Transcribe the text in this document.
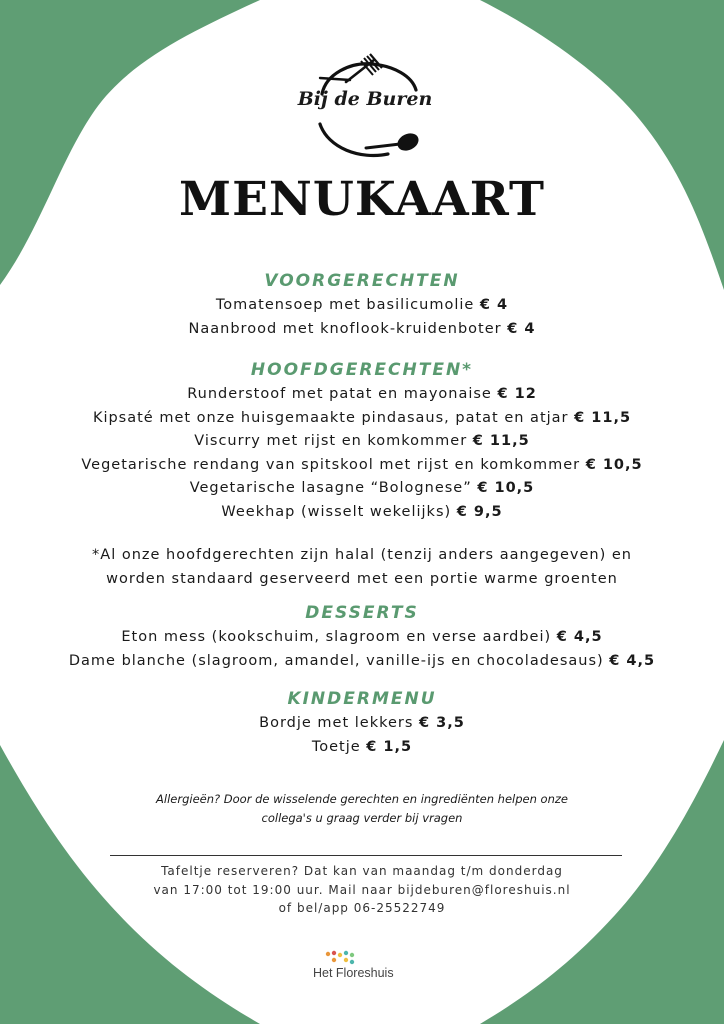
Bij de Buren
MENUKAART
VOORGERECHTEN
Tomatensoep met basilicumolie € 4
Naanbrood met knoflook-kruidenboter € 4
HOOFDGERECHTEN*
Runderstoof met patat en mayonaise € 12
Kipsaté met onze huisgemaakte pindasaus, patat en atjar € 11,5
Viscurry met rijst en komkommer € 11,5
Vegetarische rendang van spitskool met rijst en komkommer € 10,5
Vegetarische lasagne “Bolognese” € 10,5
Weekhap (wisselt wekelijks) € 9,5
*Al onze hoofdgerechten zijn halal (tenzij anders aangegeven) en
worden standaard geserveerd met een portie warme groenten
DESSERTS
Eton mess (kookschuim, slagroom en verse aardbei) € 4,5
Dame blanche (slagroom, amandel, vanille-ijs en chocoladesaus) € 4,5
KINDERMENU
Bordje met lekkers € 3,5
Toetje € 1,5
Allergieën? Door de wisselende gerechten en ingrediënten helpen onze
collega's u graag verder bij vragen
Tafeltje reserveren? Dat kan van maandag t/m donderdag
van 17:00 tot 19:00 uur. Mail naar bijdeburen@floreshuis.nl
of bel/app 06-25522749
Het Floreshuis
